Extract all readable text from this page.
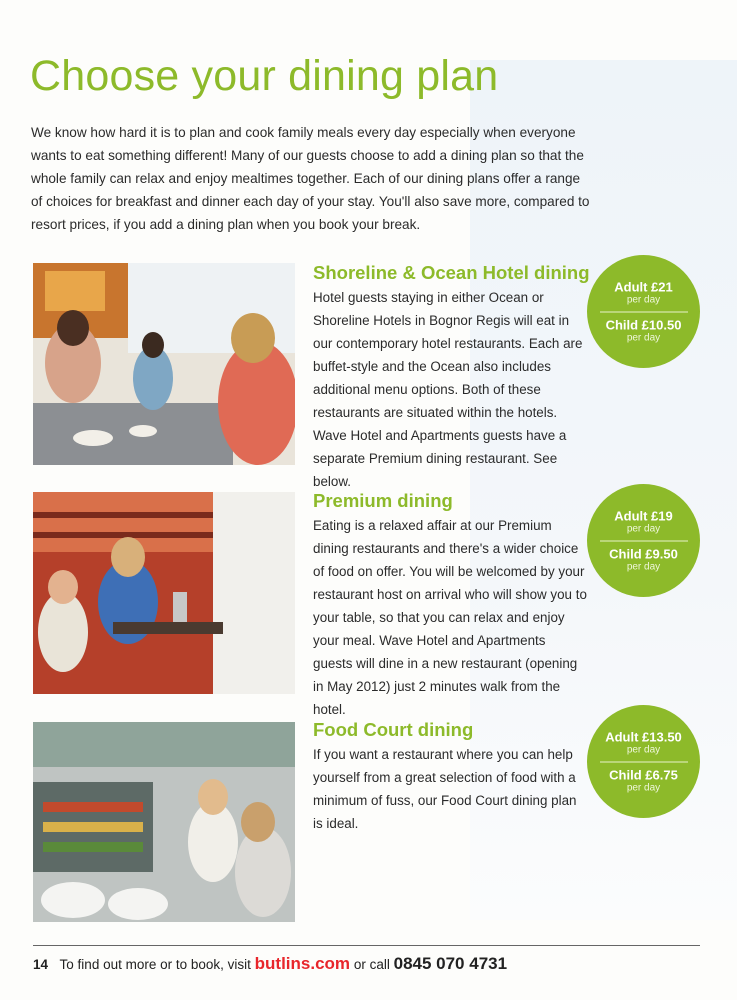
Choose your dining plan

We know how hard it is to plan and cook family meals every day especially when everyone wants to eat something different! Many of our guests choose to add a dining plan so that the whole family can relax and enjoy mealtimes together. Each of our dining plans offer a range of choices for breakfast and dinner each day of your stay. You'll also save more, compared to resort prices, if you add a dining plan when you book your break.

Shoreline & Ocean Hotel dining

Hotel guests staying in either Ocean or Shoreline Hotels in Bognor Regis will eat in our contemporary hotel restaurants. Each are buffet-style and the Ocean also includes additional menu options. Both of these restaurants are situated within the hotels. Wave Hotel and Apartments guests have a separate Premium dining restaurant. See below.

Adult £21
per day
Child £10.50
per day
Premium dining

Eating is a relaxed affair at our Premium dining restaurants and there's a wider choice of food on offer. You will be welcomed by your restaurant host on arrival who will show you to your table, so that you can relax and enjoy your meal. Wave Hotel and Apartments guests will dine in a new restaurant (opening in May 2012) just 2 minutes walk from the hotel.

Adult £19
per day
Child £9.50
per day
Food Court dining

If you want a restaurant where you can help yourself from a great selection of food with a minimum of fuss, our Food Court dining plan is ideal.

Adult £13.50
per day
Child £6.75
per day
14 To find out more or to book, visit butlins.com or call 0845 070 4731
